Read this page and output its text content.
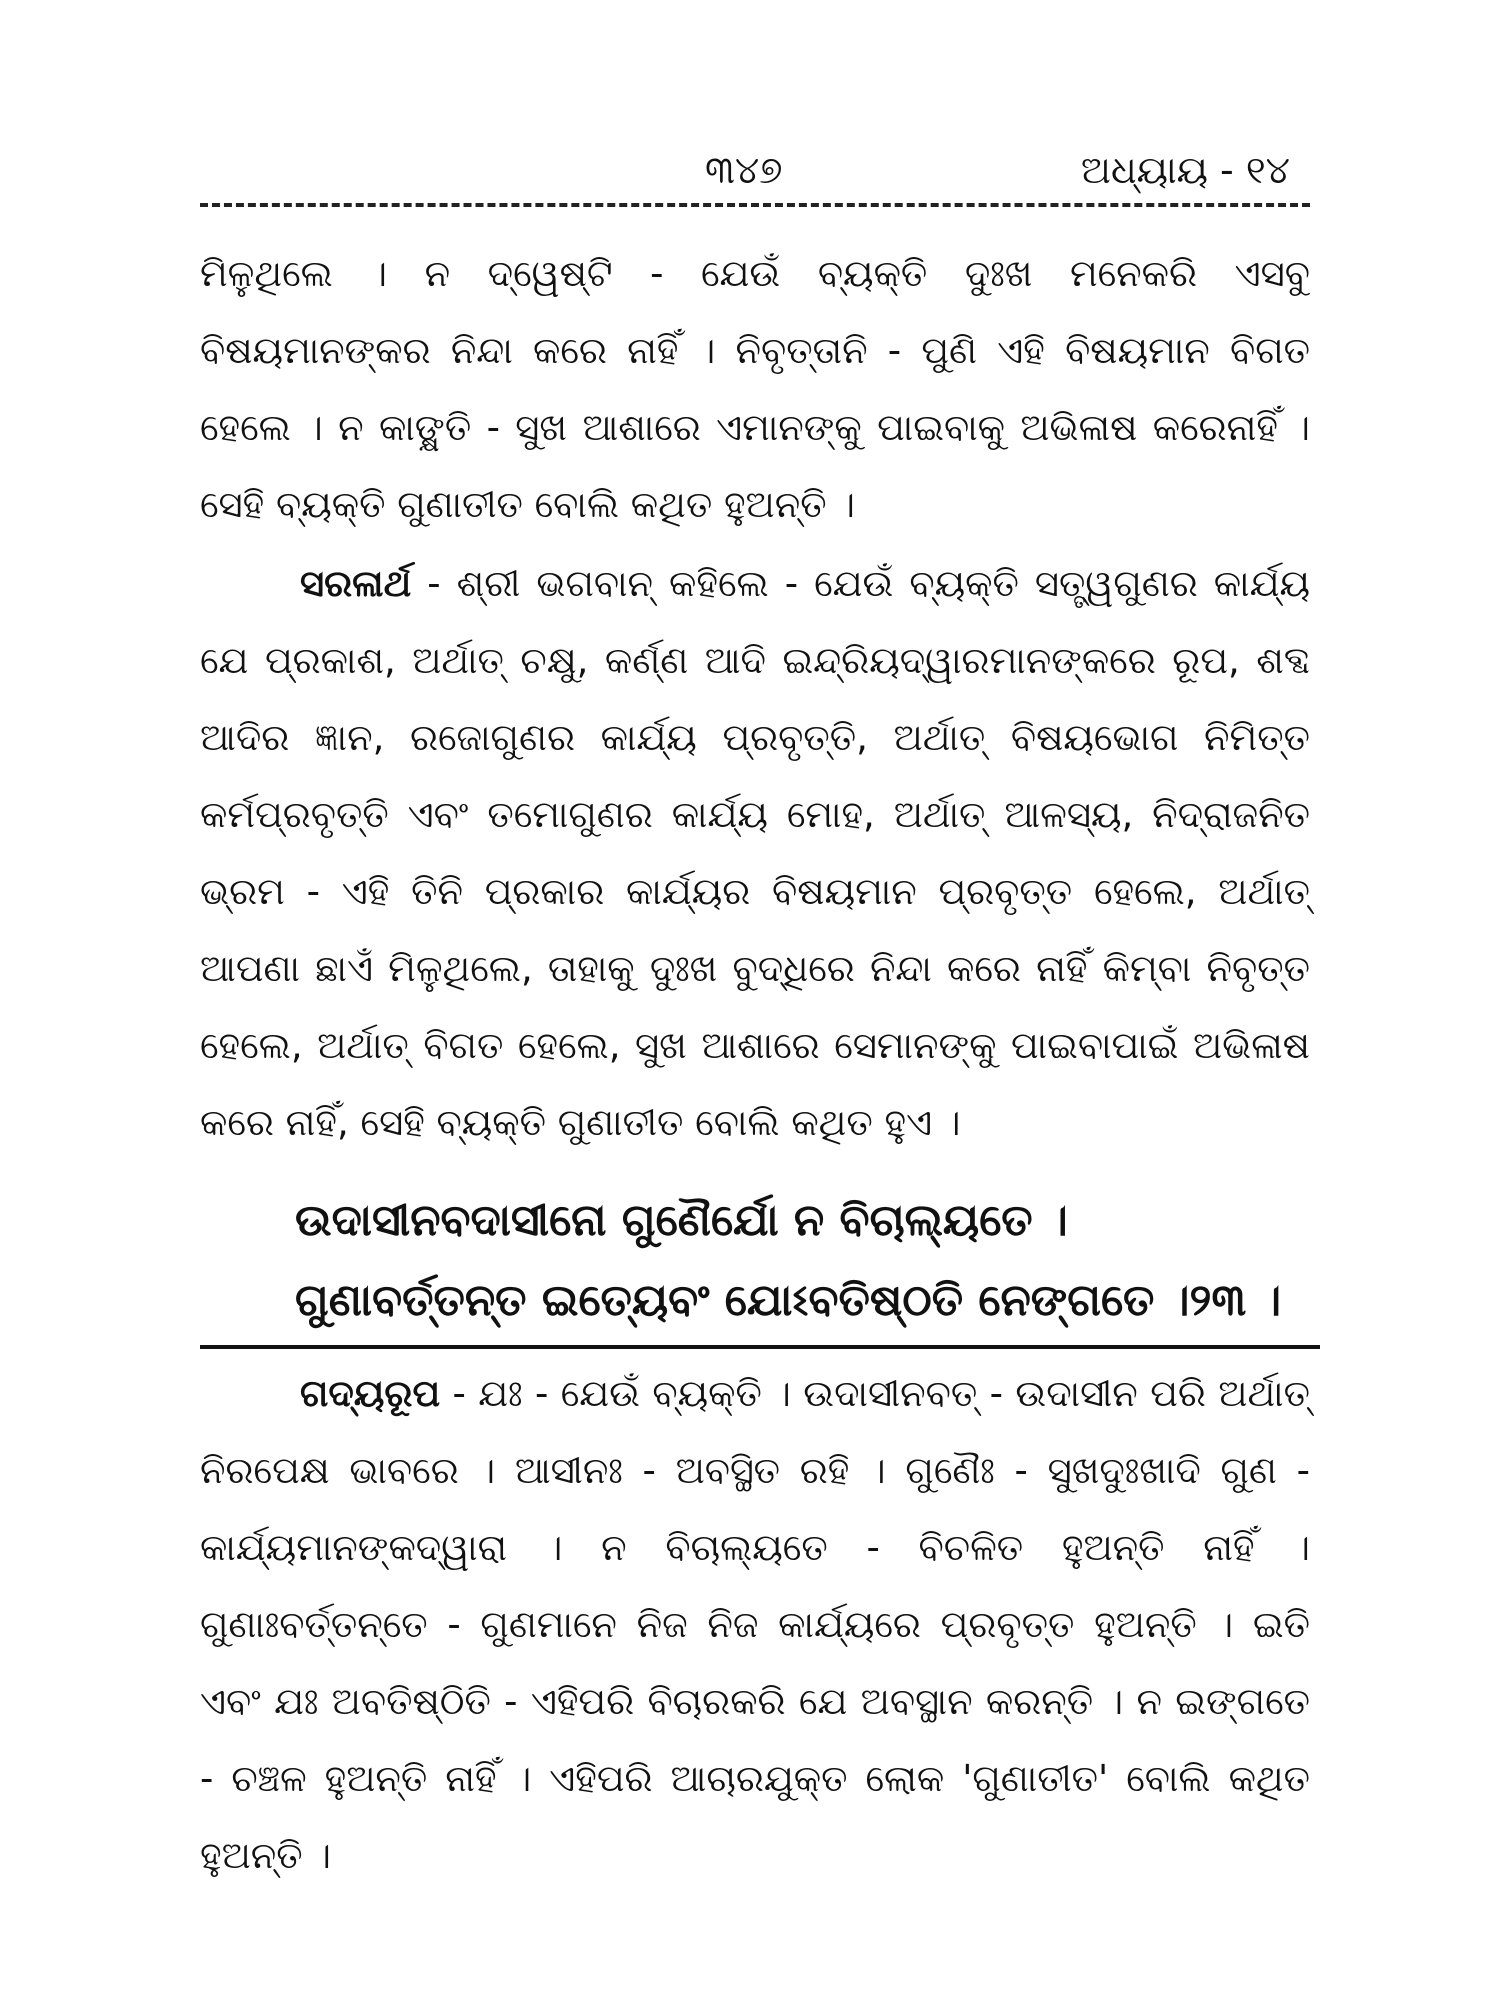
୩୪୭	ଅଧ୍ୟାୟ - ୧୪

ମିଳୁଥିଲେ । ନ ଦ୍ୱେଷ୍ଟି - ଯେଉଁ ବ୍ୟକ୍ତି ଦୁଃଖ ମନେକରି ଏସବୁ ବିଷୟମାନଙ୍କର ନିନ୍ଦା କରେ ନାହିଁ । ନିବୃତ୍ତାନି - ପୁଣି ଏହି ବିଷୟମାନ ବିଗତ ହେଲେ । ନ କାଙ୍କ୍ଷତି - ସୁଖ ଆଶାରେ ଏମାନଙ୍କୁ ପାଇବାକୁ ଅଭିଳାଷ କରେନାହିଁ । ସେହି ବ୍ୟକ୍ତି ଗୁଣାତୀତ ବୋଲି କଥିତ ହୁଅନ୍ତି ।

ସରଳାର୍ଥ - ଶ୍ରୀ ଭଗବାନ୍ କହିଲେ - ଯେଉଁ ବ୍ୟକ୍ତି ସତ୍ତ୍ୱଗୁଣର କାର୍ଯ୍ୟ ଯେ ପ୍ରକାଶ, ଅର୍ଥାତ୍ ଚକ୍ଷୁ, କର୍ଣ୍ଣ ଆଦି ଇନ୍ଦ୍ରିୟଦ୍ୱାରମାନଙ୍କରେ ରୂପ, ଶବ୍ଦ ଆଦିର ଜ୍ଞାନ, ରଜୋଗୁଣର କାର୍ଯ୍ୟ ପ୍ରବୃତ୍ତି, ଅର୍ଥାତ୍ ବିଷୟଭୋଗ ନିମିତ୍ତ କର୍ମପ୍ରବୃତ୍ତି ଏବଂ ତମୋଗୁଣର କାର୍ଯ୍ୟ ମୋହ, ଅର୍ଥାତ୍ ଆଳସ୍ୟ, ନିଦ୍ରାଜନିତ ଭ୍ରମ - ଏହି ତିନି ପ୍ରକାର କାର୍ଯ୍ୟର ବିଷୟମାନ ପ୍ରବୃତ୍ତ ହେଲେ, ଅର୍ଥାତ୍ ଆପଣା ଛାଏଁ ମିଳୁଥିଲେ, ତାହାକୁ ଦୁଃଖ ବୁଦ୍ଧିରେ ନିନ୍ଦା କରେ ନାହିଁ କିମ୍ବା ନିବୃତ୍ତ ହେଲେ, ଅର୍ଥାତ୍ ବିଗତ ହେଲେ, ସୁଖ ଆଶାରେ ସେମାନଙ୍କୁ ପାଇବାପାଇଁ ଅଭିଳାଷ କରେ ନାହିଁ, ସେହି ବ୍ୟକ୍ତି ଗୁଣାତୀତ ବୋଲି କଥିତ ହୁଏ ।

ଉଦାସୀନବଦାସୀନୋ ଗୁଣୈର୍ଯୋ ନ ବିଚାଲ୍ୟତେ ।

ଗୁଣାବର୍ତ୍ତନ୍ତ ଇତ୍ୟେବଂ ଯୋଽବତିଷ୍ଠତି ନେଙ୍ଗତେ ।୨୩ ।

ଗଦ୍ୟରୂପ - ଯଃ - ଯେଉଁ ବ୍ୟକ୍ତି । ଉଦାସୀନବତ୍ - ଉଦାସୀନ ପରି ଅର୍ଥାତ୍ ନିରପେକ୍ଷ ଭାବରେ । ଆସୀନଃ - ଅବସ୍ଥିତ ରହି । ଗୁଣୈଃ - ସୁଖଦୁଃଖାଦି ଗୁଣ - କାର୍ଯ୍ୟମାନଙ୍କଦ୍ୱାରା । ନ ବିଚାଲ୍ୟତେ - ବିଚଳିତ ହୁଅନ୍ତି ନାହିଁ । ଗୁଣାଃବର୍ତ୍ତନ୍ତେ - ଗୁଣମାନେ ନିଜ ନିଜ କାର୍ଯ୍ୟରେ ପ୍ରବୃତ୍ତ ହୁଅନ୍ତି । ଇତି ଏବଂ ଯଃ ଅବତିଷ୍ଠିତି - ଏହିପରି ବିଚାରକରି ଯେ ଅବସ୍ଥାନ କରନ୍ତି । ନ ଇଙ୍ଗତେ - ଚଞ୍ଚଳ ହୁଅନ୍ତି ନାହିଁ । ଏହିପରି ଆଚାରଯୁକ୍ତ ଲୋକ 'ଗୁଣାତୀତ' ବୋଲି କଥିତ ହୁଅନ୍ତି ।
